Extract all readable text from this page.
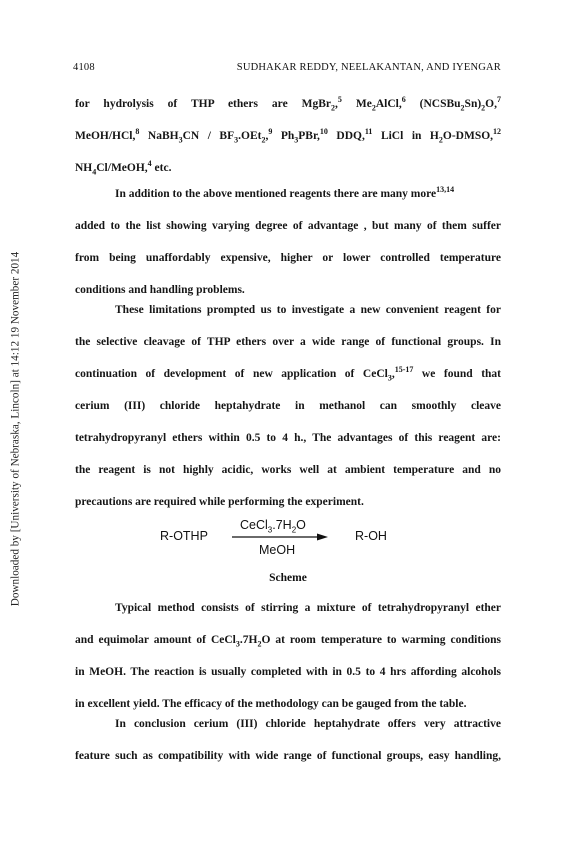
Downloaded by [University of Nebraska, Lincoln] at 14:12 19 November 2014
4108	SUDHAKAR REDDY, NEELAKANTAN, AND IYENGAR
for hydrolysis of THP ethers are MgBr$_2$,$^5$ $Me_2AlCl,^6$ $(NCSBu_2Sn)_2O,^7$
MeOH/HCl,$^8$ NaBH$_3$CN / $BF_3.OEt_2,^9$ $Ph_3PBr,^{10}$ DDQ,$^{11}$ LiCl in $H_2O-DMSO,^{12}$
$NH_4Cl/MeOH,^4$ etc.
In addition to the above mentioned reagents there are many more$^{13,14}$
added to the list showing varying degree of advantage , but many of them suffer
from being unaffordably expensive, higher or lower controlled temperature
conditions and handling problems.
These limitations prompted us to investigate a new convenient reagent for
the selective cleavage of THP ethers over a wide range of functional groups. In
continuation of development of new application of CeCl$_3$,$^{15-17}$ we found that
cerium (III) chloride heptahydrate in methanol can smoothly cleave
tetrahydropyranyl ethers within 0.5 to 4 h., The advantages of this reagent are:
the reagent is not highly acidic, works well at ambient temperature and no
precautions are required while performing the experiment.
R-OTHP
$CeCl_3.7H_2O$
MeOH
R-OH
Scheme
Typical method consists of stirring a mixture of tetrahydropyranyl ether
and equimolar amount of $CeCl_3.7H_2O$ at room temperature to warming conditions
in MeOH. The reaction is usually completed with in 0.5 to 4 hrs affording alcohols
in excellent yield. The efficacy of the methodology can be gauged from the table.
In conclusion cerium (III) chloride heptahydrate offers very attractive
feature such as compatibility with wide range of functional groups, easy handling,
